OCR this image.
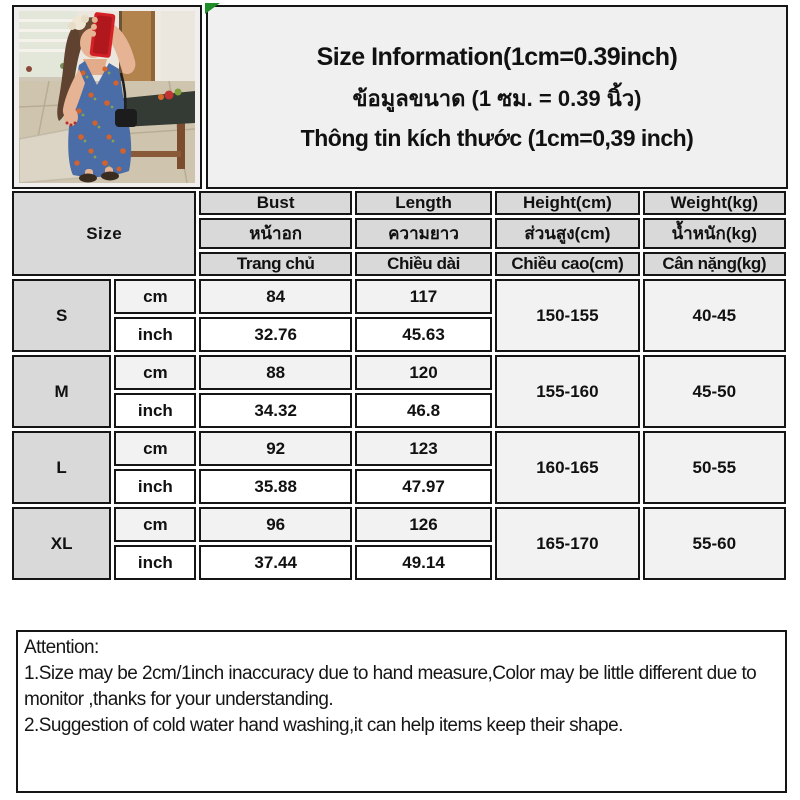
Size Information(1cm=0.39inch)
ข้อมูลขนาด (1 ซม. = 0.39 นิ้ว)
Thông tin kích thước (1cm=0,39 inch)
Size		Bust	Length	Height(cm)	Weight(kg)
		หน้าอก	ความยาว	ส่วนสูง(cm)	น้ำหนัก(kg)
		Trang chủ	Chiều dài	Chiều cao(cm)	Cân nặng(kg)
S	cm	84	117	150-155	40-45
	inch	32.76	45.63		
M	cm	88	120	155-160	45-50
	inch	34.32	46.8		
L	cm	92	123	160-165	50-55
	inch	35.88	47.97		
XL	cm	96	126	165-170	55-60
	inch	37.44	49.14		

Attention:

1.Size may be 2cm/1inch inaccuracy due to hand measure,Color may be little different due to monitor ,thanks for your understanding.

2.Suggestion of cold water hand washing,it can help items keep their shape.
